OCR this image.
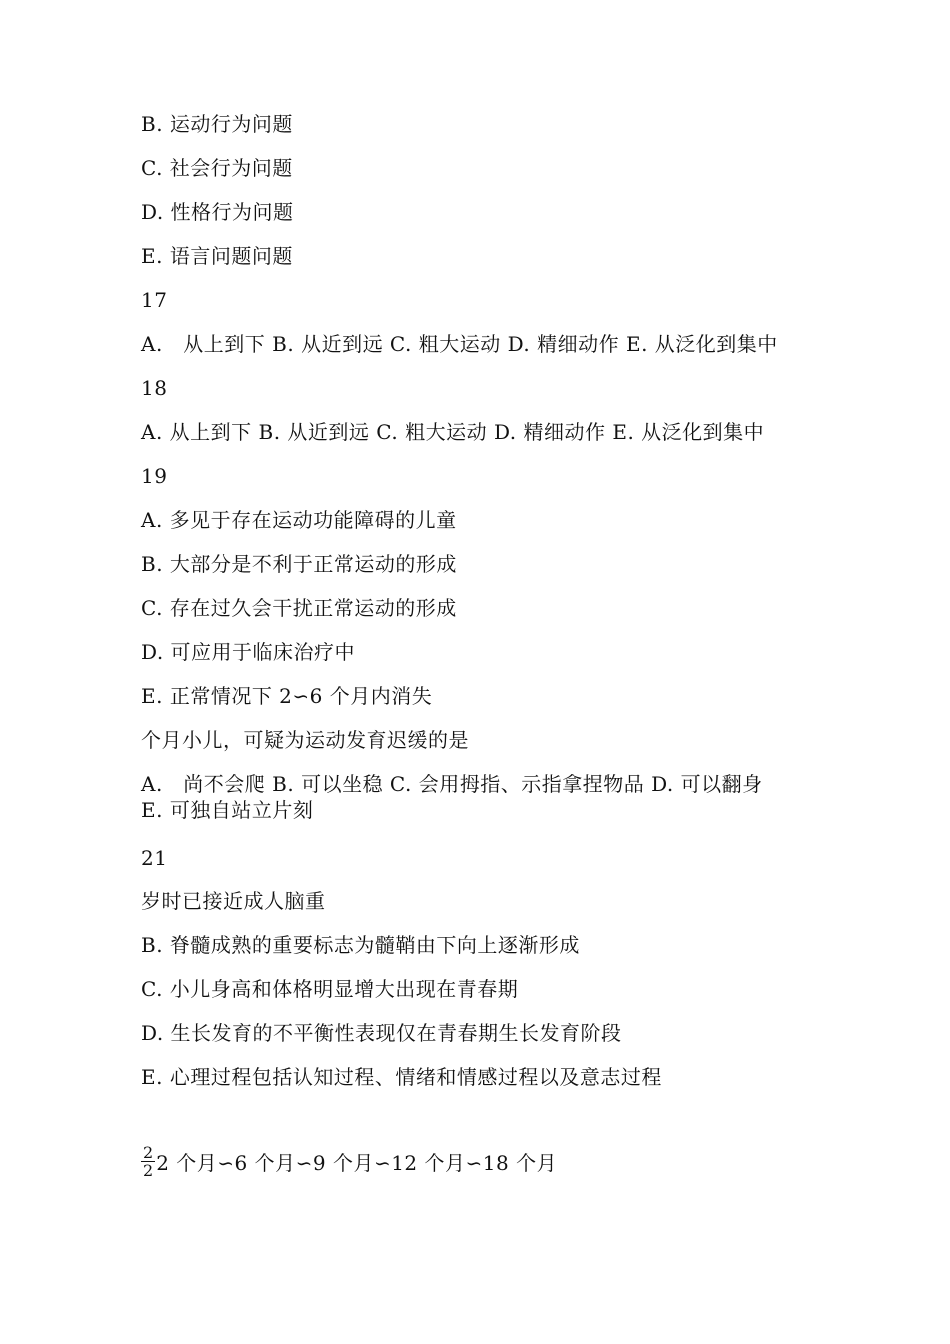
B. 运动行为问题
C. 社会行为问题
D. 性格行为问题
E. 语言问题问题
17
A.　从上到下 B. 从近到远 C. 粗大运动 D. 精细动作 E. 从泛化到集中
18
A. 从上到下 B. 从近到远 C. 粗大运动 D. 精细动作 E. 从泛化到集中
19
A. 多见于存在运动功能障碍的儿童
B. 大部分是不利于正常运动的形成
C. 存在过久会干扰正常运动的形成
D. 可应用于临床治疗中
E. 正常情况下 2∽6 个月内消失
个月小儿，可疑为运动发育迟缓的是
A.　尚不会爬 B. 可以坐稳 C. 会用拇指、示指拿捏物品 D. 可以翻身 E. 可独自站立片刻
21
岁时已接近成人脑重
B. 脊髓成熟的重要标志为髓鞘由下向上逐渐形成
C. 小儿身高和体格明显增大出现在青春期
D. 生长发育的不平衡性表现仅在青春期生长发育阶段
E. 心理过程包括认知过程、情绪和情感过程以及意志过程
$\frac{2}{2} 2$ 个月∽6 个月∽9 个月∽12 个月∽18 个月
